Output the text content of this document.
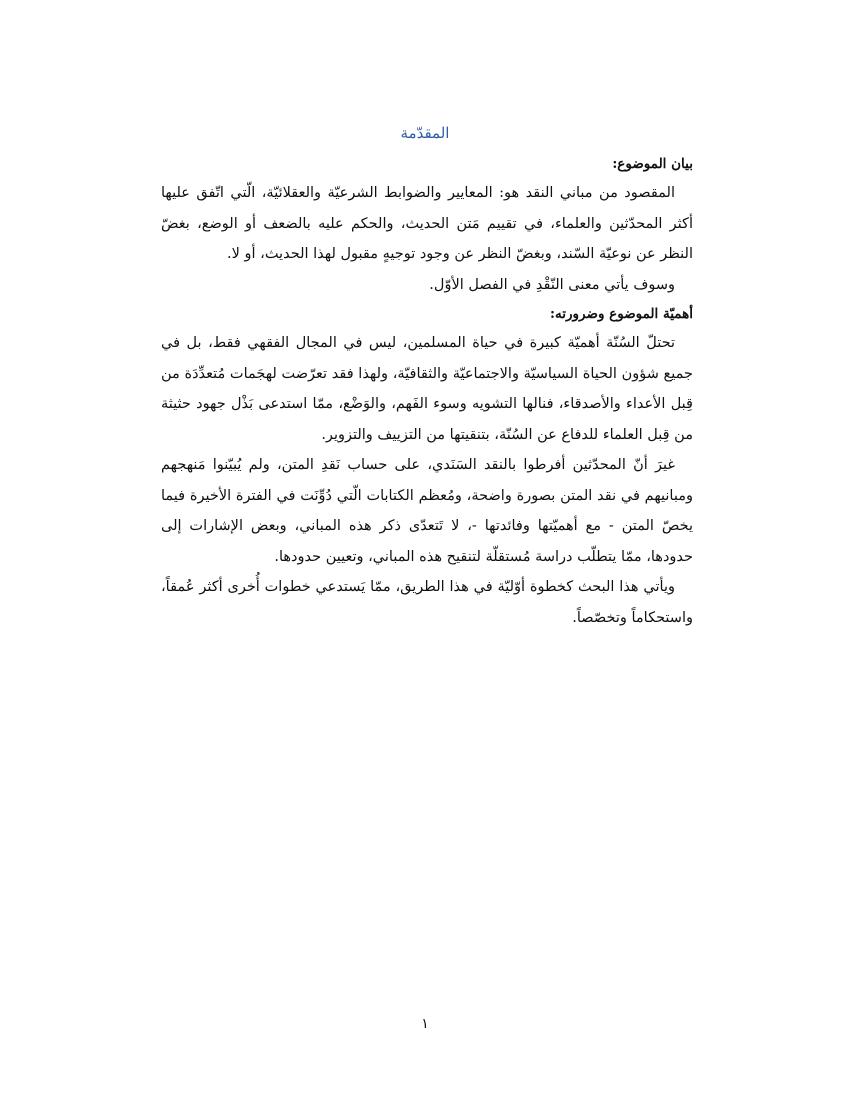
المقدّمة

بيان الموضوع:

المقصود من مباني النقد هو: المعايير والضوابط الشرعيّة والعقلائيّة، الّتي اتّفق عليها أكثر المحدّثين والعلماء، في تقييم مَتن الحديث، والحكم عليه بالضعف أو الوضع، بغضّ النظر عن نوعيّة السّند، وبغضّ النظر عن وجود توجيهٍ مقبول لهذا الحديث، أو لا.

وسوف يأتي معنى النّقْدِ في الفصل الأوّل.

أهميّة الموضوع وضرورته:

تحتلّ السُنّة أهميّة كبيرة في حياة المسلمين، ليس في المجال الفقهي فقط، بل في جميع شؤون الحياة السياسيّة والاجتماعيّة والثقافيّة، ولهذا فقد تعرّضت لهجَمات مُتعدِّدَة من قِبل الأعداء والأصدقاء، فنالها التشويه وسوء الفَهم، والوَضْع، ممّا استدعى بَذْل جهود حثيثة من قِبل العلماء للدفاع عن السُنّة، بتنقيتها من التزييف والتزوير.

غيرَ أنّ المحدّثين أفرطوا بالنقد السَنَدي، على حساب نَقدِ المتن، ولم يُبيّنوا مَنهجهم ومبانيهم في نقد المتن بصورة واضحة، ومُعظم الكتابات الّتي دُوِّنَت في الفترة الأخيرة فيما يخصّ المتن - مع أهميّتها وفائدتها -، لا تَتعدّى ذكر هذه المباني، وبعض الإشارات إلى حدودها، ممّا يتطلّب دراسة مُستقلّة لتنقيح هذه المباني، وتعيين حدودها.

ويأتي هذا البحث كخطوة أوّليّة في هذا الطريق، ممّا يَستدعي خطوات أُخرى أكثر عُمقاً، واستحكاماً وتخصّصاً.

١
